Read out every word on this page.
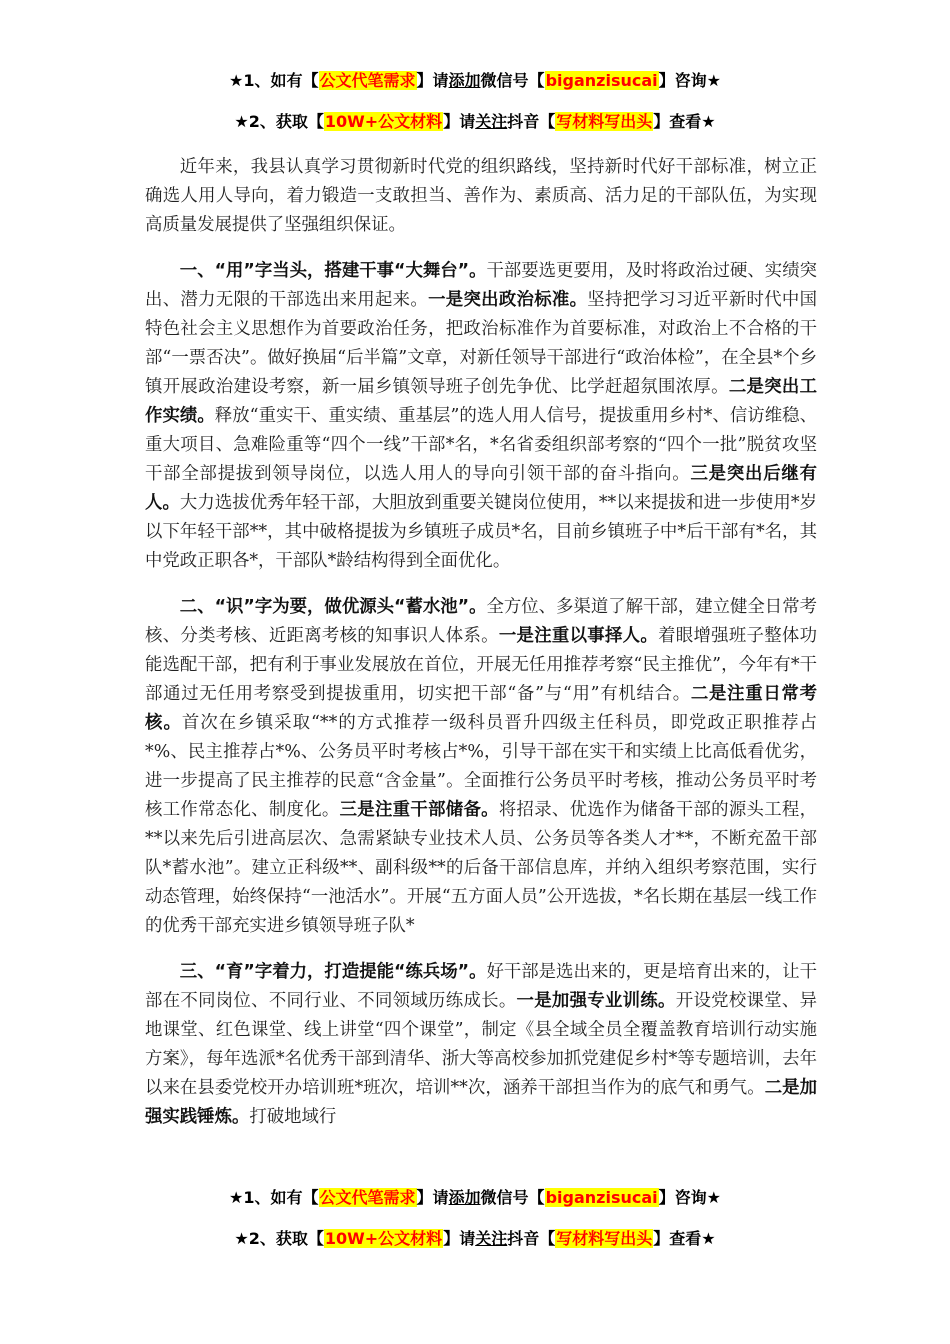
★1、如有【公文代笔需求】请添加微信号【biganzisucai】咨询★
★2、获取【10W+公文材料】请关注抖音【写材料写出头】查看★

近年来，我县认真学习贯彻新时代党的组织路线，坚持新时代好干部标准，树立正确选人用人导向，着力锻造一支敢担当、善作为、素质高、活力足的干部队伍，为实现高质量发展提供了坚强组织保证。

一、“用”字当头，搭建干事“大舞台”。干部要选更要用，及时将政治过硬、实绩突出、潜力无限的干部选出来用起来。一是突出政治标准。坚持把学习习近平新时代中国特色社会主义思想作为首要政治任务，把政治标准作为首要标准，对政治上不合格的干部“一票否决”。做好换届“后半篇”文章，对新任领导干部进行“政治体检”，在全县*个乡镇开展政治建设考察，新一届乡镇领导班子创先争优、比学赶超氛围浓厚。二是突出工作实绩。释放“重实干、重实绩、重基层”的选人用人信号，提拔重用乡村*、信访维稳、重大项目、急难险重等“四个一线”干部*名，*名省委组织部考察的“四个一批”脱贫攻坚干部全部提拔到领导岗位，以选人用人的导向引领干部的奋斗指向。三是突出后继有人。大力选拔优秀年轻干部，大胆放到重要关键岗位使用，**以来提拔和进一步使用*岁以下年轻干部**，其中破格提拔为乡镇班子成员*名，目前乡镇班子中*后干部有*名，其中党政正职各*，干部队*龄结构得到全面优化。

二、“识”字为要，做优源头“蓄水池”。全方位、多渠道了解干部，建立健全日常考核、分类考核、近距离考核的知事识人体系。一是注重以事择人。着眼增强班子整体功能选配干部，把有利于事业发展放在首位，开展无任用推荐考察“民主推优”，今年有*干部通过无任用考察受到提拔重用，切实把干部“备”与“用”有机结合。二是注重日常考核。首次在乡镇采取“**的方式推荐一级科员晋升四级主任科员，即党政正职推荐占*%、民主推荐占*%、公务员平时考核占*%，引导干部在实干和实绩上比高低看优劣，进一步提高了民主推荐的民意“含金量”。全面推行公务员平时考核，推动公务员平时考核工作常态化、制度化。三是注重干部储备。将招录、优选作为储备干部的源头工程，**以来先后引进高层次、急需紧缺专业技术人员、公务员等各类人才**，不断充盈干部队*蓄水池”。建立正科级**、副科级**的后备干部信息库，并纳入组织考察范围，实行动态管理，始终保持“一池活水”。开展“五方面人员”公开选拔，*名长期在基层一线工作的优秀干部充实进乡镇领导班子队*

三、“育”字着力，打造提能“练兵场”。好干部是选出来的，更是培育出来的，让干部在不同岗位、不同行业、不同领域历练成长。一是加强专业训练。开设党校课堂、异地课堂、红色课堂、线上讲堂“四个课堂”，制定《县全域全员全覆盖教育培训行动实施方案》，每年选派*名优秀干部到清华、浙大等高校参加抓党建促乡村*等专题培训，去年以来在县委党校开办培训班*班次，培训**次，涵养干部担当作为的底气和勇气。二是加强实践锤炼。打破地域行

★1、如有【公文代笔需求】请添加微信号【biganzisucai】咨询★
★2、获取【10W+公文材料】请关注抖音【写材料写出头】查看★
